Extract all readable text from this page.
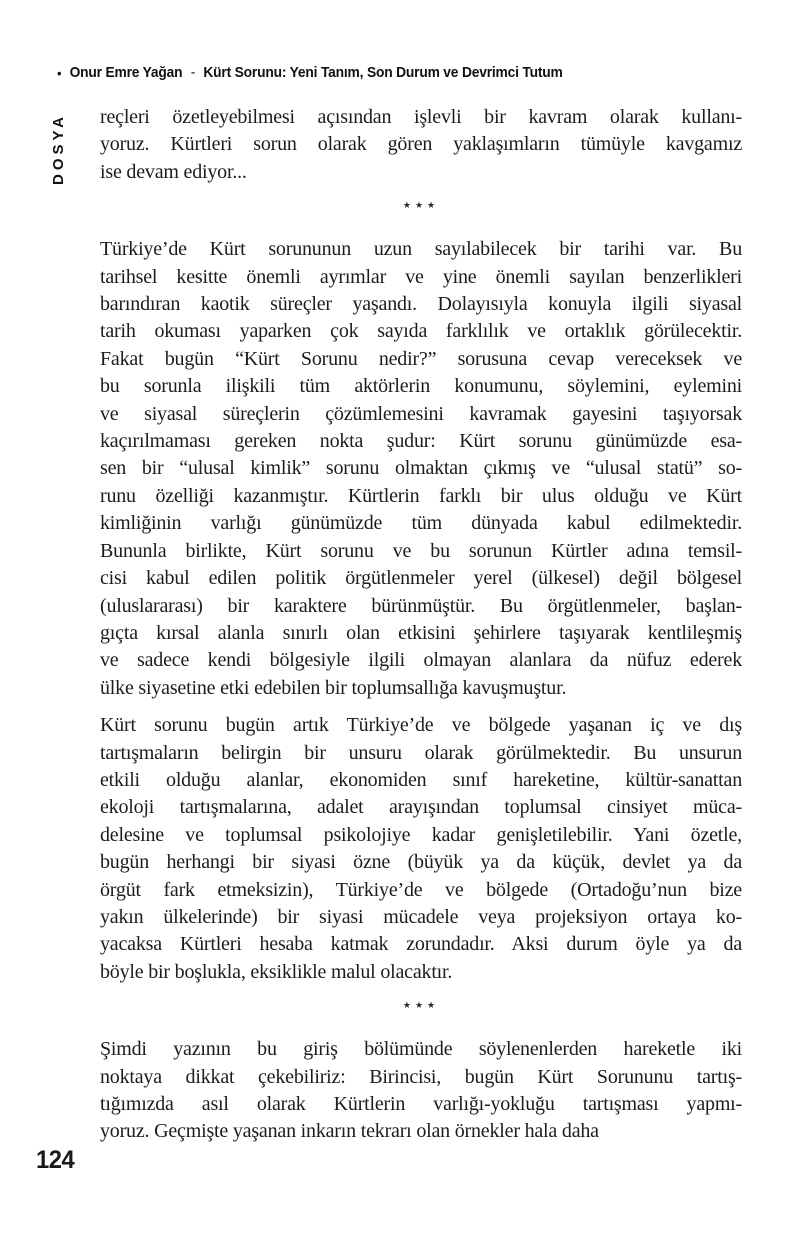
• Onur Emre Yağan - Kürt Sorunu: Yeni Tanım, Son Durum ve Devrimci Tutum
DOSYA reçleri özetleyebilmesi açısından işlevli bir kavram olarak kullanı-
yoruz. Kürtleri sorun olarak gören yaklaşımların tümüyle kavgamız
ise devam ediyor...
★★★
Türkiye’de Kürt sorununun uzun sayılabilecek bir tarihi var. Bu
tarihsel kesitte önemli ayrımlar ve yine önemli sayılan benzerlikleri
barındıran kaotik süreçler yaşandı. Dolayısıyla konuyla ilgili siyasal
tarih okuması yaparken çok sayıda farklılık ve ortaklık görülecektir.
Fakat bugün “Kürt Sorunu nedir?” sorusuna cevap vereceksek ve
bu sorunla ilişkili tüm aktörlerin konumunu, söylemini, eylemini
ve siyasal süreçlerin çözümlemesini kavramak gayesini taşıyorsak
kaçırılmaması gereken nokta şudur: Kürt sorunu günümüzde esa-
sen bir “ulusal kimlik” sorunu olmaktan çıkmış ve “ulusal statü” so-
runu özelliği kazanmıştır. Kürtlerin farklı bir ulus olduğu ve Kürt
kimliğinin varlığı günümüzde tüm dünyada kabul edilmektedir.
Bununla birlikte, Kürt sorunu ve bu sorunun Kürtler adına temsil-
cisi kabul edilen politik örgütlenmeler yerel (ülkesel) değil bölgesel
(uluslararası) bir karaktere bürünmüştür. Bu örgütlenmeler, başlan-
gıçta kırsal alanla sınırlı olan etkisini şehirlere taşıyarak kentlileşmiş
ve sadece kendi bölgesiyle ilgili olmayan alanlara da nüfuz ederek
ülke siyasetine etki edebilen bir toplumsallığa kavuşmuştur.
Kürt sorunu bugün artık Türkiye’de ve bölgede yaşanan iç ve dış
tartışmaların belirgin bir unsuru olarak görülmektedir. Bu unsurun
etkili olduğu alanlar, ekonomiden sınıf hareketine, kültür-sanattan
ekoloji tartışmalarına, adalet arayışından toplumsal cinsiyet müca-
delesine ve toplumsal psikolojiye kadar genişletilebilir. Yani özetle,
bugün herhangi bir siyasi özne (büyük ya da küçük, devlet ya da
örgüt fark etmeksizin), Türkiye’de ve bölgede (Ortadoğu’nun bize
yakın ülkelerinde) bir siyasi mücadele veya projeksiyon ortaya ko-
yacaksa Kürtleri hesaba katmak zorundadır. Aksi durum öyle ya da
böyle bir boşlukla, eksiklikle malul olacaktır.
★★★
Şimdi yazının bu giriş bölümünde söylenenlerden hareketle iki
noktaya dikkat çekebiliriz: Birincisi, bugün Kürt Sorununu tartış-
tığımızda asıl olarak Kürtlerin varlığı-yokluğu tartışması yapmı-
yoruz. Geçmişte yaşanan inkarın tekrarı olan örnekler hala daha
124
